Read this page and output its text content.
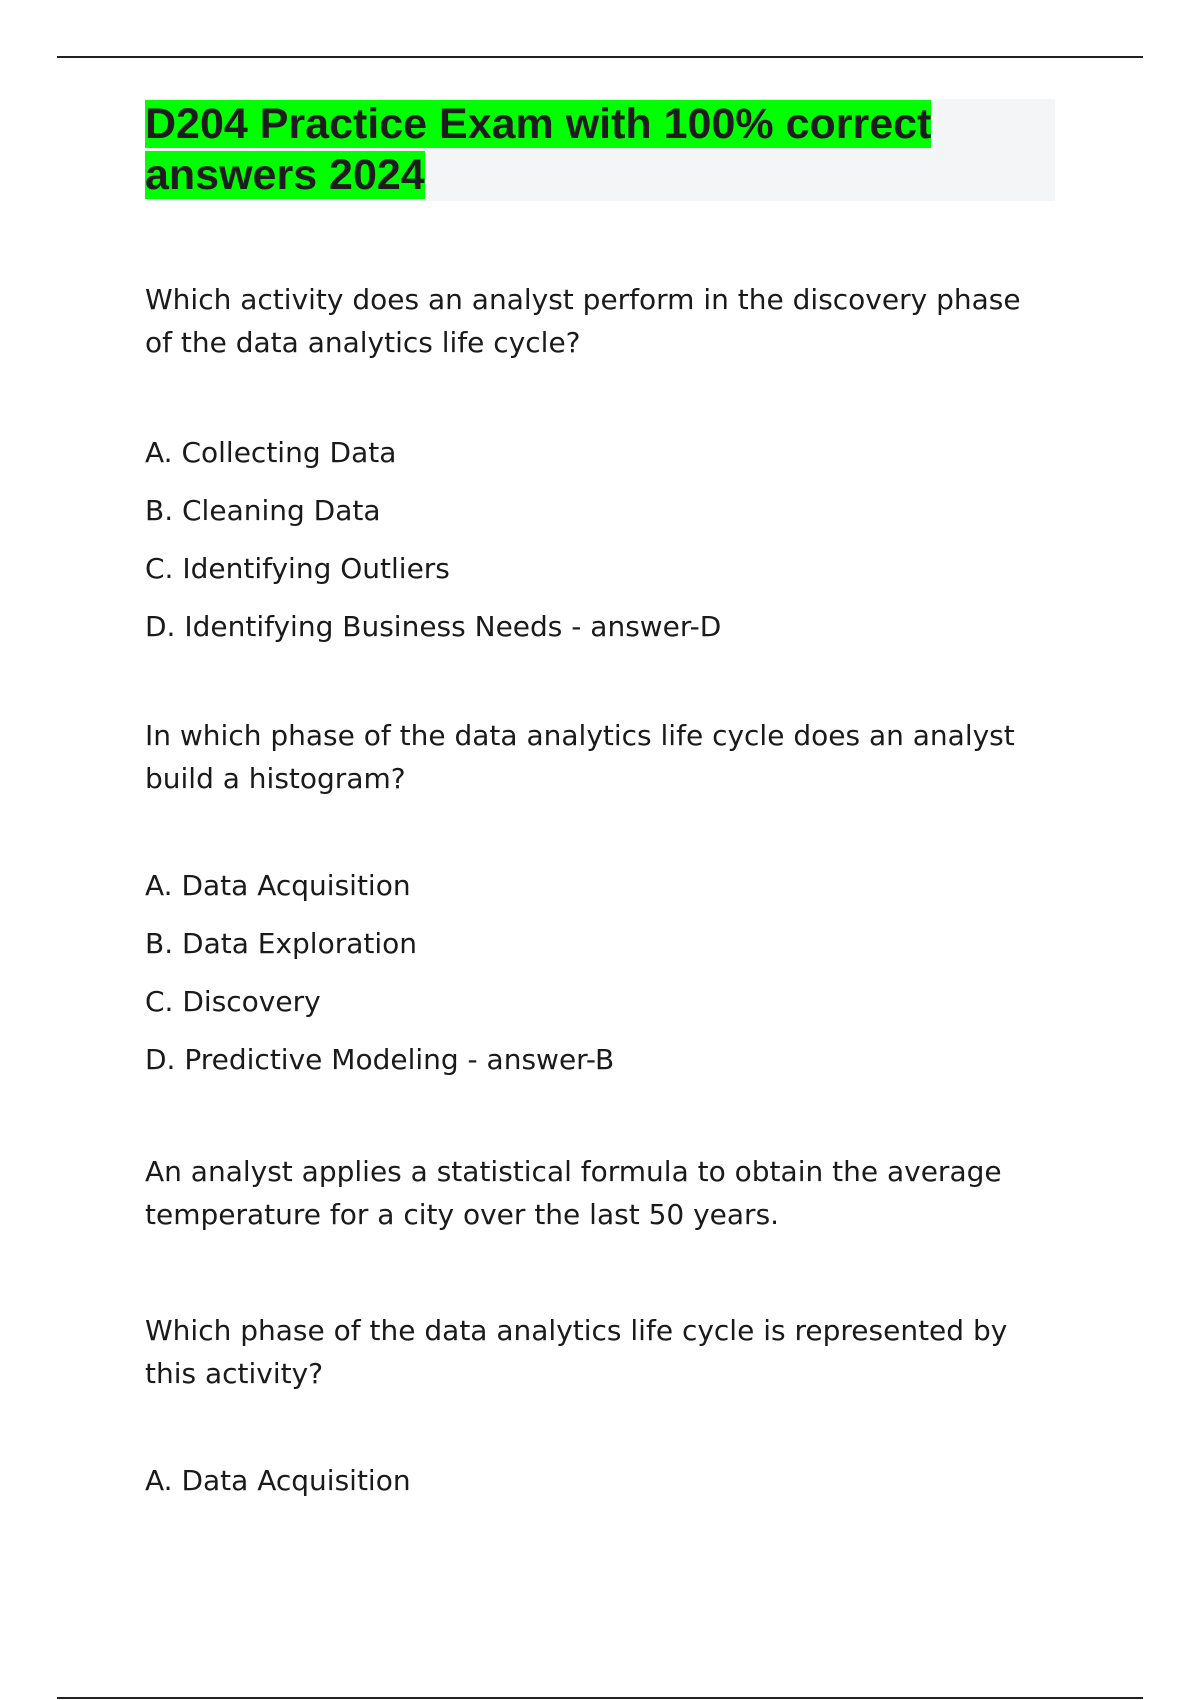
D204 Practice Exam with 100% correct answers 2024

Which activity does an analyst perform in the discovery phase of the data analytics life cycle?

A. Collecting Data

B. Cleaning Data

C. Identifying Outliers

D. Identifying Business Needs - answer-D

In which phase of the data analytics life cycle does an analyst build a histogram?

A. Data Acquisition

B. Data Exploration

C. Discovery

D. Predictive Modeling - answer-B

An analyst applies a statistical formula to obtain the average temperature for a city over the last 50 years.

Which phase of the data analytics life cycle is represented by this activity?

A. Data Acquisition
